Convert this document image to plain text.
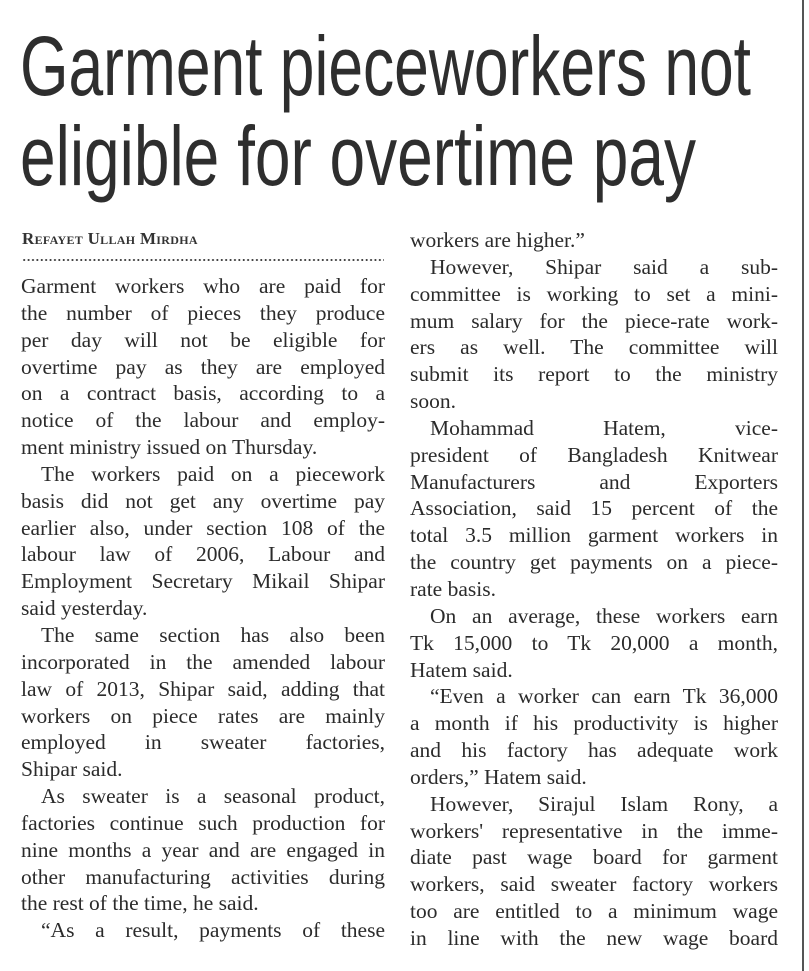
Garment pieceworkers not
eligible for overtime pay
Refayet Ullah Mirdha
Garment workers who are paid for
the number of pieces they produce
per day will not be eligible for
overtime pay as they are employed
on a contract basis, according to a
notice of the labour and employ-
ment ministry issued on Thursday.
The workers paid on a piecework
basis did not get any overtime pay
earlier also, under section 108 of the
labour law of 2006, Labour and
Employment Secretary Mikail Shipar
said yesterday.
The same section has also been
incorporated in the amended labour
law of 2013, Shipar said, adding that
workers on piece rates are mainly
employed in sweater factories,
Shipar said.
As sweater is a seasonal product,
factories continue such production for
nine months a year and are engaged in
other manufacturing activities during
the rest of the time, he said.
“As a result, payments of these
workers are higher.”
However, Shipar said a sub-
committee is working to set a mini-
mum salary for the piece-rate work-
ers as well. The committee will
submit its report to the ministry
soon.
Mohammad Hatem, vice-
president of Bangladesh Knitwear
Manufacturers and Exporters
Association, said 15 percent of the
total 3.5 million garment workers in
the country get payments on a piece-
rate basis.
On an average, these workers earn
Tk 15,000 to Tk 20,000 a month,
Hatem said.
“Even a worker can earn Tk 36,000
a month if his productivity is higher
and his factory has adequate work
orders,” Hatem said.
However, Sirajul Islam Rony, a
workers' representative in the imme-
diate past wage board for garment
workers, said sweater factory workers
too are entitled to a minimum wage
in line with the new wage board
